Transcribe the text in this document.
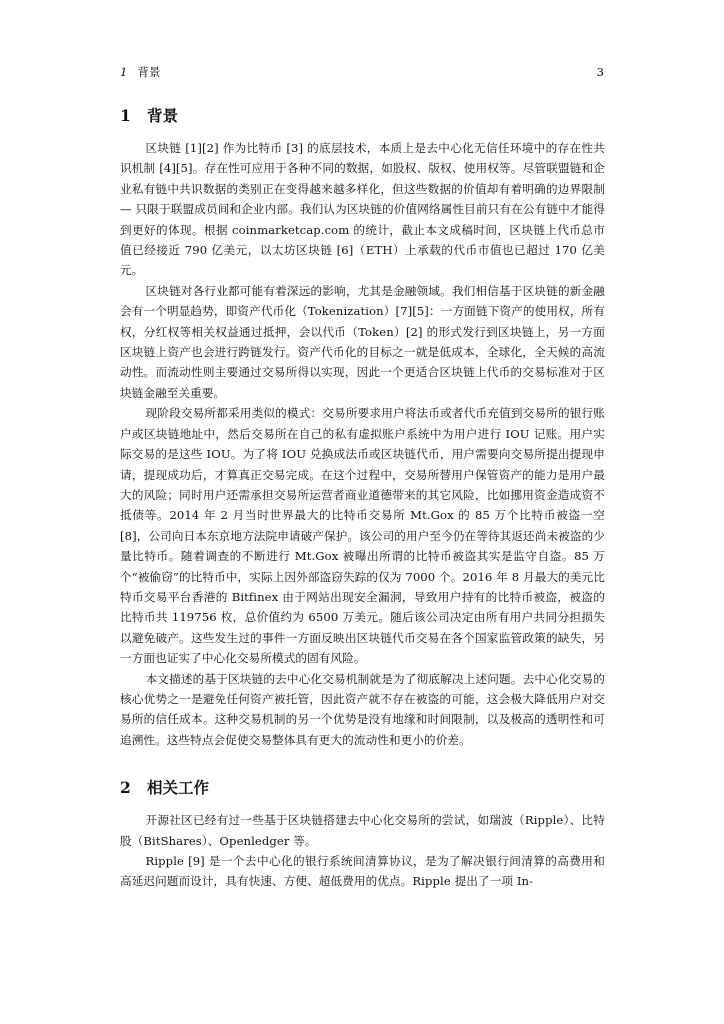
1 背景	3
1 背景

区块链 [1][2] 作为比特币 [3] 的底层技术，本质上是去中心化无信任环境中的存在性共识机制 [4][5]。存在性可应用于各种不同的数据，如股权、版权、使用权等。尽管联盟链和企业私有链中共识数据的类别正在变得越来越多样化，但这些数据的价值却有着明确的边界限制 — 只限于联盟成员间和企业内部。我们认为区块链的价值网络属性目前只有在公有链中才能得到更好的体现。根据 coinmarketcap.com 的统计，截止本文成稿时间，区块链上代币总市值已经接近 790 亿美元，以太坊区块链 [6]（ETH）上承载的代币市值也已超过 170 亿美元。

区块链对各行业都可能有着深远的影响，尤其是金融领域。我们相信基于区块链的新金融会有一个明显趋势，即资产代币化（Tokenization）[7][5]：一方面链下资产的使用权，所有权，分红权等相关权益通过抵押，会以代币（Token）[2] 的形式发行到区块链上，另一方面区块链上资产也会进行跨链发行。资产代币化的目标之一就是低成本，全球化，全天候的高流动性。而流动性则主要通过交易所得以实现，因此一个更适合区块链上代币的交易标准对于区块链金融至关重要。

现阶段交易所都采用类似的模式：交易所要求用户将法币或者代币充值到交易所的银行账户或区块链地址中，然后交易所在自己的私有虚拟账户系统中为用户进行 IOU 记账。用户实际交易的是这些 IOU。为了将 IOU 兑换成法币或区块链代币，用户需要向交易所提出提现申请，提现成功后，才算真正交易完成。在这个过程中，交易所替用户保管资产的能力是用户最大的风险；同时用户还需承担交易所运营者商业道德带来的其它风险，比如挪用资金造成资不抵债等。2014 年 2 月当时世界最大的比特币交易所 Mt.Gox 的 85 万个比特币被盗一空 [8]，公司向日本东京地方法院申请破产保护。该公司的用户至今仍在等待其返还尚未被盗的少量比特币。随着调查的不断进行 Mt.Gox 被曝出所谓的比特币被盗其实是监守自盗。85 万个“被偷窃”的比特币中，实际上因外部盗窃失踪的仅为 7000 个。2016 年 8 月最大的美元比特币交易平台香港的 Bitfinex 由于网站出现安全漏洞，导致用户持有的比特币被盗，被盗的比特币共 119756 枚，总价值约为 6500 万美元。随后该公司决定由所有用户共同分担损失以避免破产。这些发生过的事件一方面反映出区块链代币交易在各个国家监管政策的缺失，另一方面也证实了中心化交易所模式的固有风险。

本文描述的基于区块链的去中心化交易机制就是为了彻底解决上述问题。去中心化交易的核心优势之一是避免任何资产被托管，因此资产就不存在被盗的可能，这会极大降低用户对交易所的信任成本。这种交易机制的另一个优势是没有地缘和时间限制，以及极高的透明性和可追溯性。这些特点会促使交易整体具有更大的流动性和更小的价差。

2 相关工作

开源社区已经有过一些基于区块链搭建去中心化交易所的尝试，如瑞波（Ripple）、比特股（BitShares）、Openledger 等。

Ripple [9] 是一个去中心化的银行系统间清算协议，是为了解决银行间清算的高费用和高延迟问题而设计，具有快速、方便、超低费用的优点。Ripple 提出了一项 In-
